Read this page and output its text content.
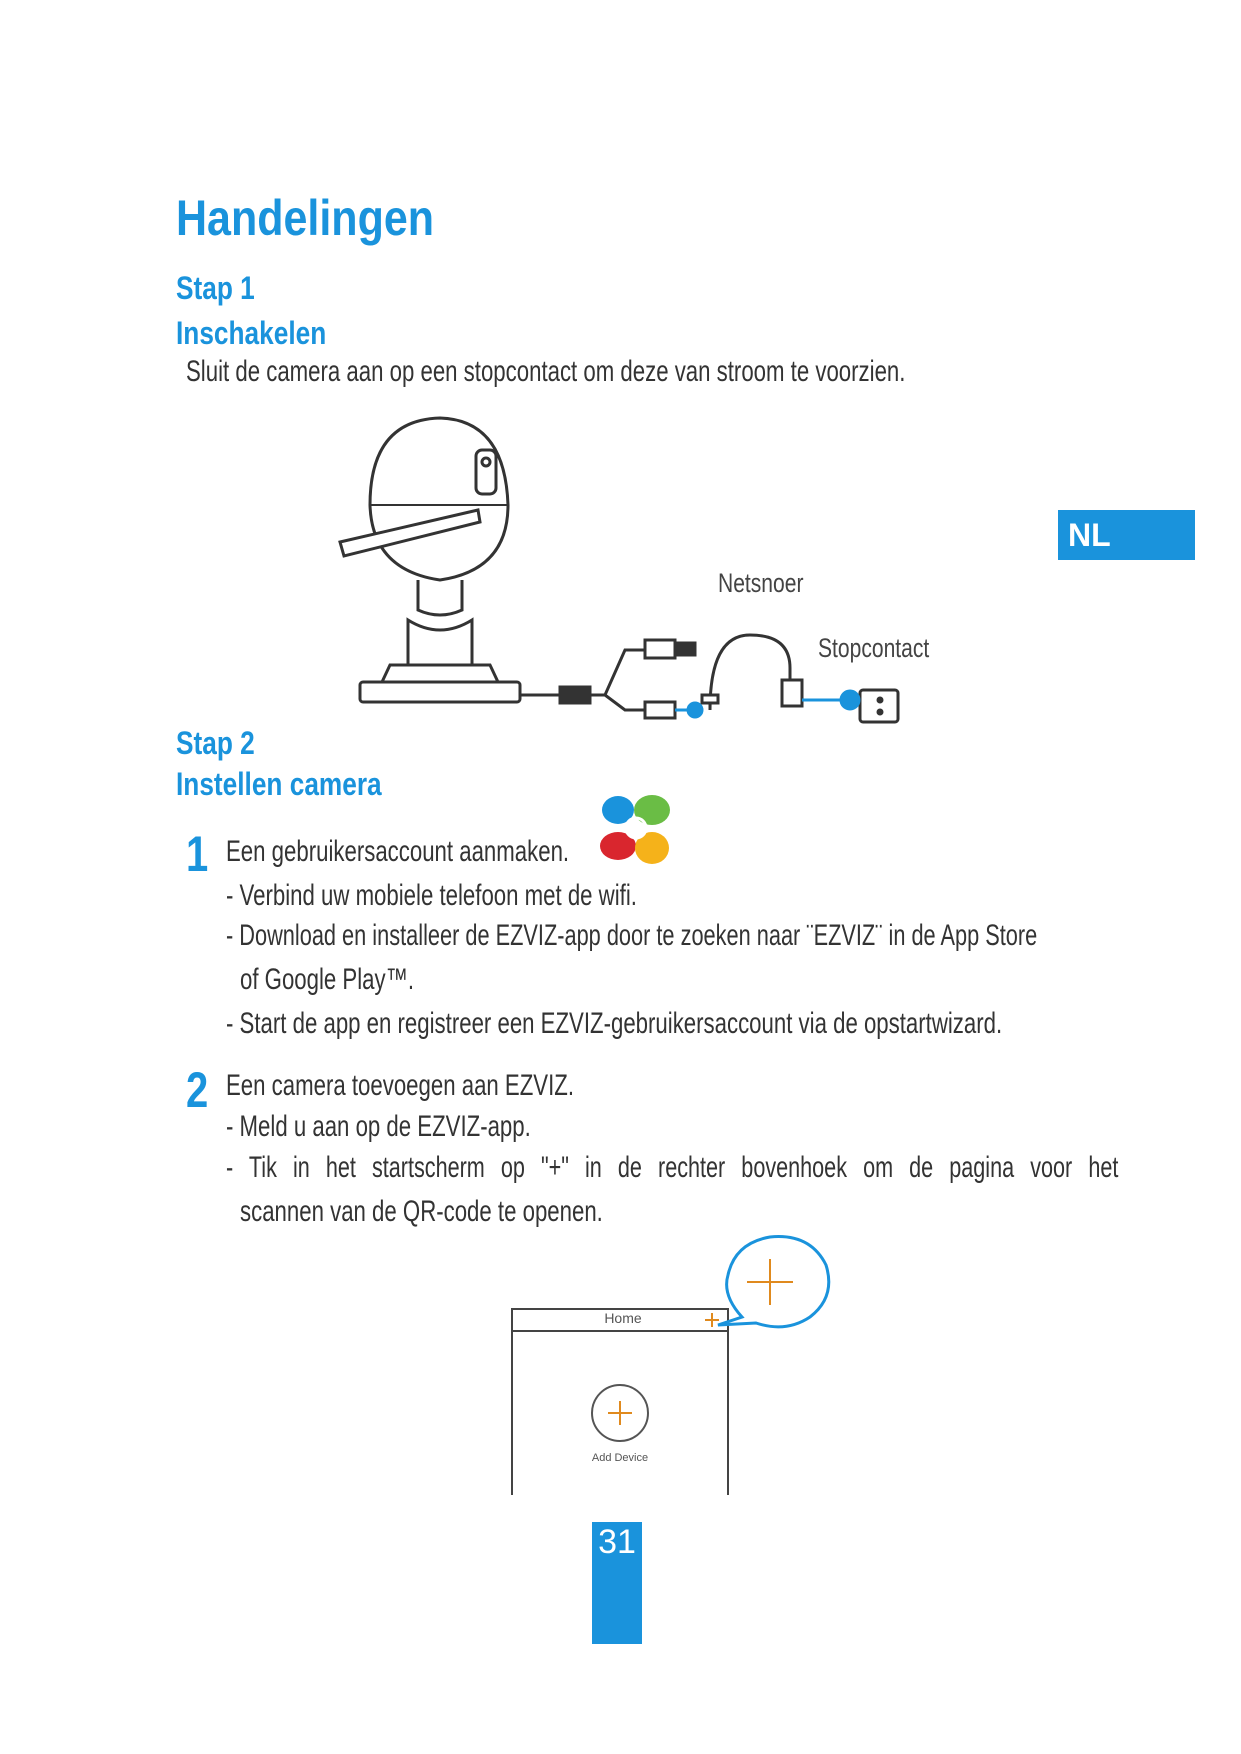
Handelingen
Stap 1
Inschakelen
Sluit de camera aan op een stopcontact om deze van stroom te voorzien.
Netsnoer
Stopcontact
NL
Stap 2
Instellen camera
1 Een gebruikersaccount aanmaken.
- Verbind uw mobiele telefoon met de wifi.
- Download en installeer de EZVIZ-app door te zoeken naar ¨EZVIZ¨ in de App Store
of Google Play™.
- Start de app en registreer een EZVIZ-gebruikersaccount via de opstartwizard.
2 Een camera toevoegen aan EZVIZ.
- Meld u aan op de EZVIZ-app.
- Tik in het startscherm op "+" in de rechter bovenhoek om de pagina voor het
scannen van de QR-code te openen.
Home
Add Device
31
